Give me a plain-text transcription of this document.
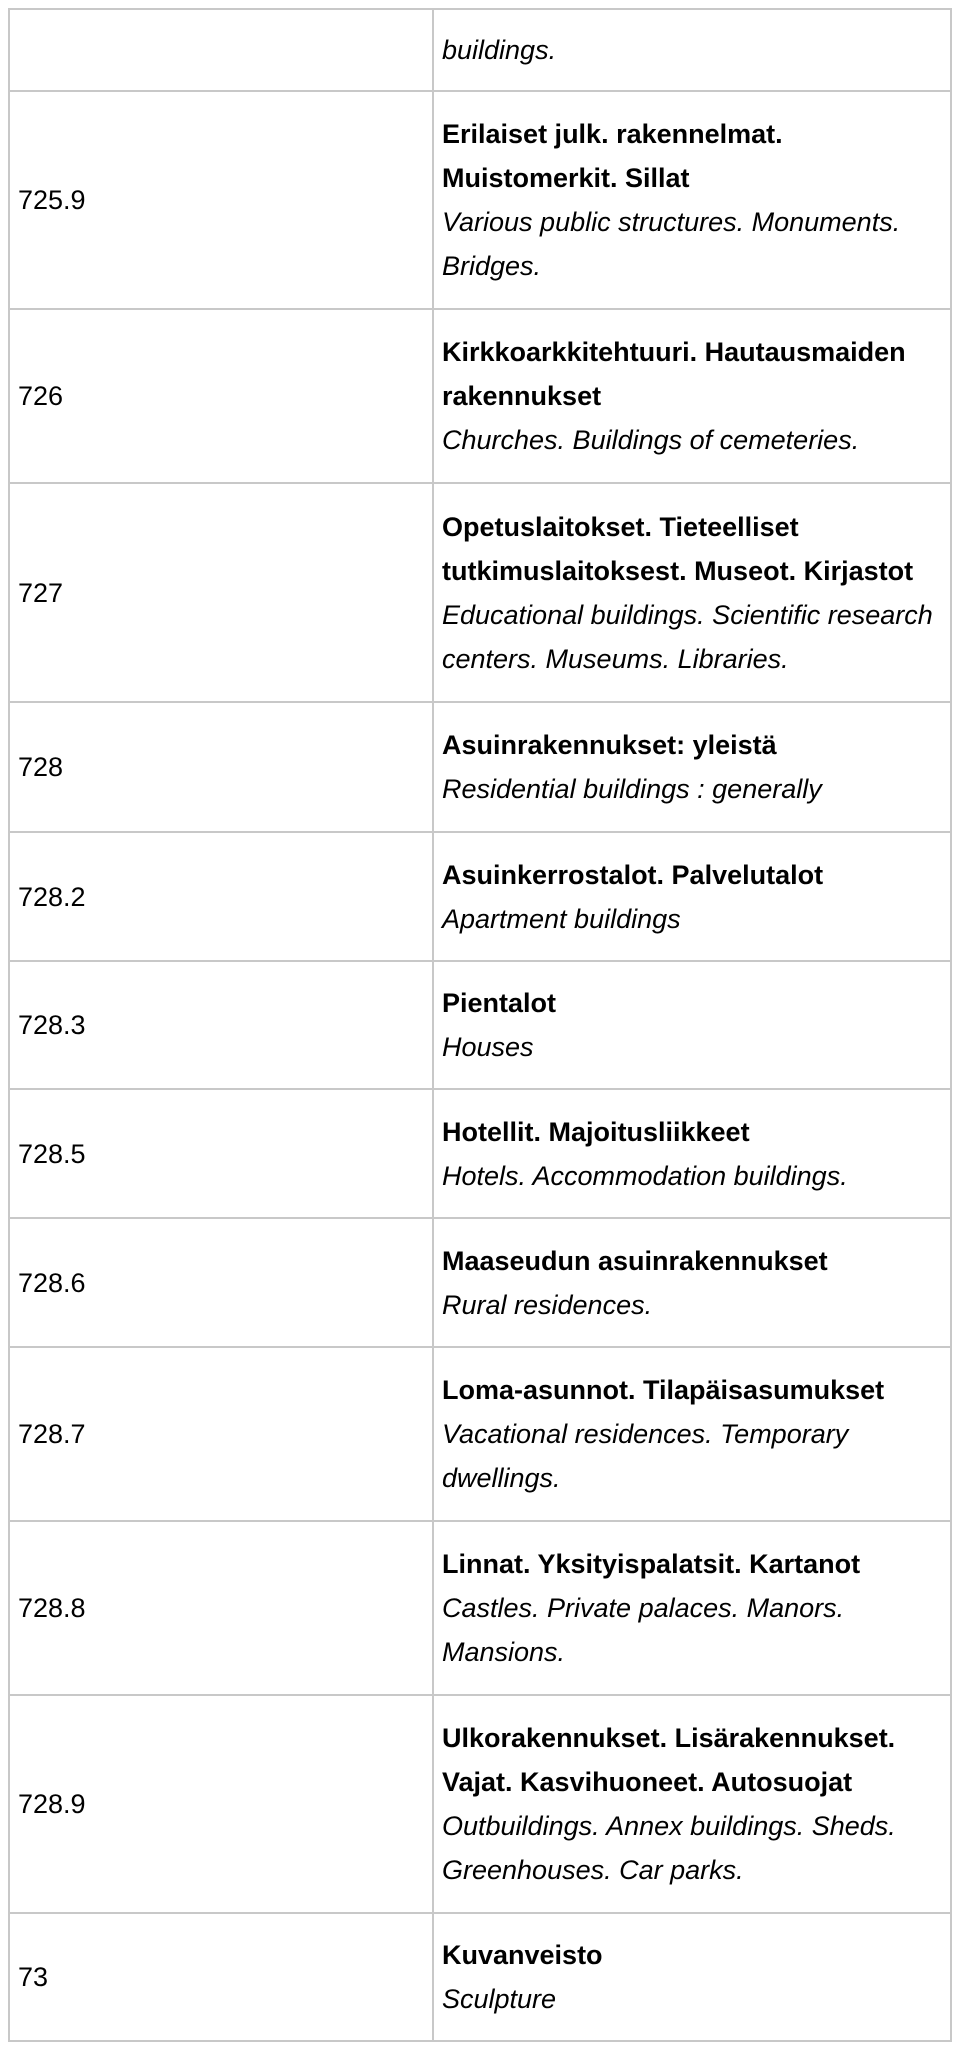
	buildings.

725.9	Erilaiset julk. rakennelmat. Muistomerkit. Sillat
Various public structures. Monuments. Bridges.

726	Kirkkoarkkitehtuuri. Hautausmaiden rakennukset
Churches. Buildings of cemeteries.

727	Opetuslaitokset. Tieteelliset tutkimuslaitoksest. Museot. Kirjastot
Educational buildings. Scientific research centers. Museums. Libraries.

728	Asuinrakennukset: yleistä
Residential buildings : generally

728.2	Asuinkerrostalot. Palvelutalot
Apartment buildings

728.3	Pientalot
Houses

728.5	Hotellit. Majoitusliikkeet
Hotels. Accommodation buildings.

728.6	Maaseudun asuinrakennukset
Rural residences.

728.7	Loma-asunnot. Tilapäisasumukset
Vacational residences. Temporary dwellings.

728.8	Linnat. Yksityispalatsit. Kartanot
Castles. Private palaces. Manors. Mansions.

728.9	Ulkorakennukset. Lisärakennukset. Vajat. Kasvihuoneet. Autosuojat
Outbuildings. Annex buildings. Sheds. Greenhouses. Car parks.

73	Kuvanveisto
Sculpture
